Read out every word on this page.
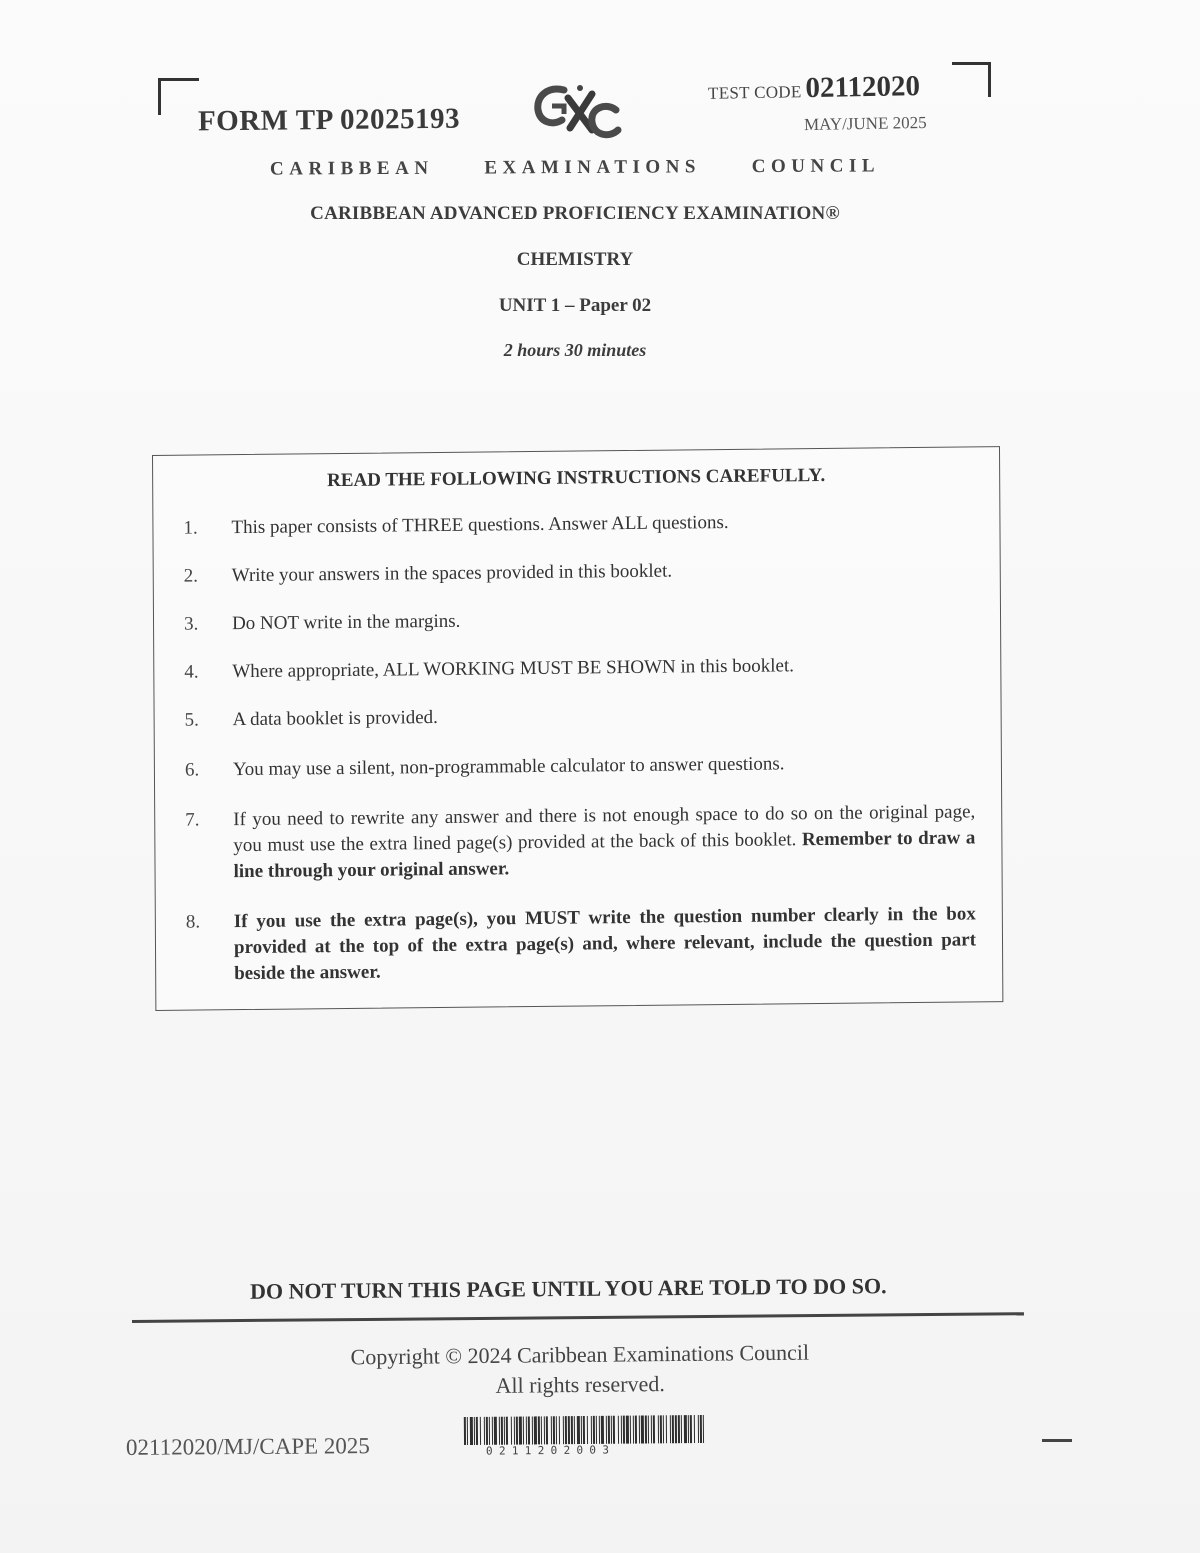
FORM TP 02025193
TEST CODE 02112020
MAY/JUNE 2025
CARIBBEAN	EXAMINATIONS	COUNCIL
CARIBBEAN ADVANCED PROFICIENCY EXAMINATION®
CHEMISTRY
UNIT 1 – Paper 02
2 hours 30 minutes
READ THE FOLLOWING INSTRUCTIONS CAREFULLY.
1.	This paper consists of THREE questions. Answer ALL questions.
2.	Write your answers in the spaces provided in this booklet.
3.	Do NOT write in the margins.
4.	Where appropriate, ALL WORKING MUST BE SHOWN in this booklet.
5.	A data booklet is provided.
6.	You may use a silent, non-programmable calculator to answer questions.
7.	If you need to rewrite any answer and there is not enough space to do so on the original page, you must use the extra lined page(s) provided at the back of this booklet. Remember to draw a line through your original answer.
8.	If you use the extra page(s), you MUST write the question number clearly in the box provided at the top of the extra page(s) and, where relevant, include the question part beside the answer.
DO NOT TURN THIS PAGE UNTIL YOU ARE TOLD TO DO SO.
Copyright © 2024 Caribbean Examinations Council
All rights reserved.
02112020/MJ/CAPE 2025	0211202003
